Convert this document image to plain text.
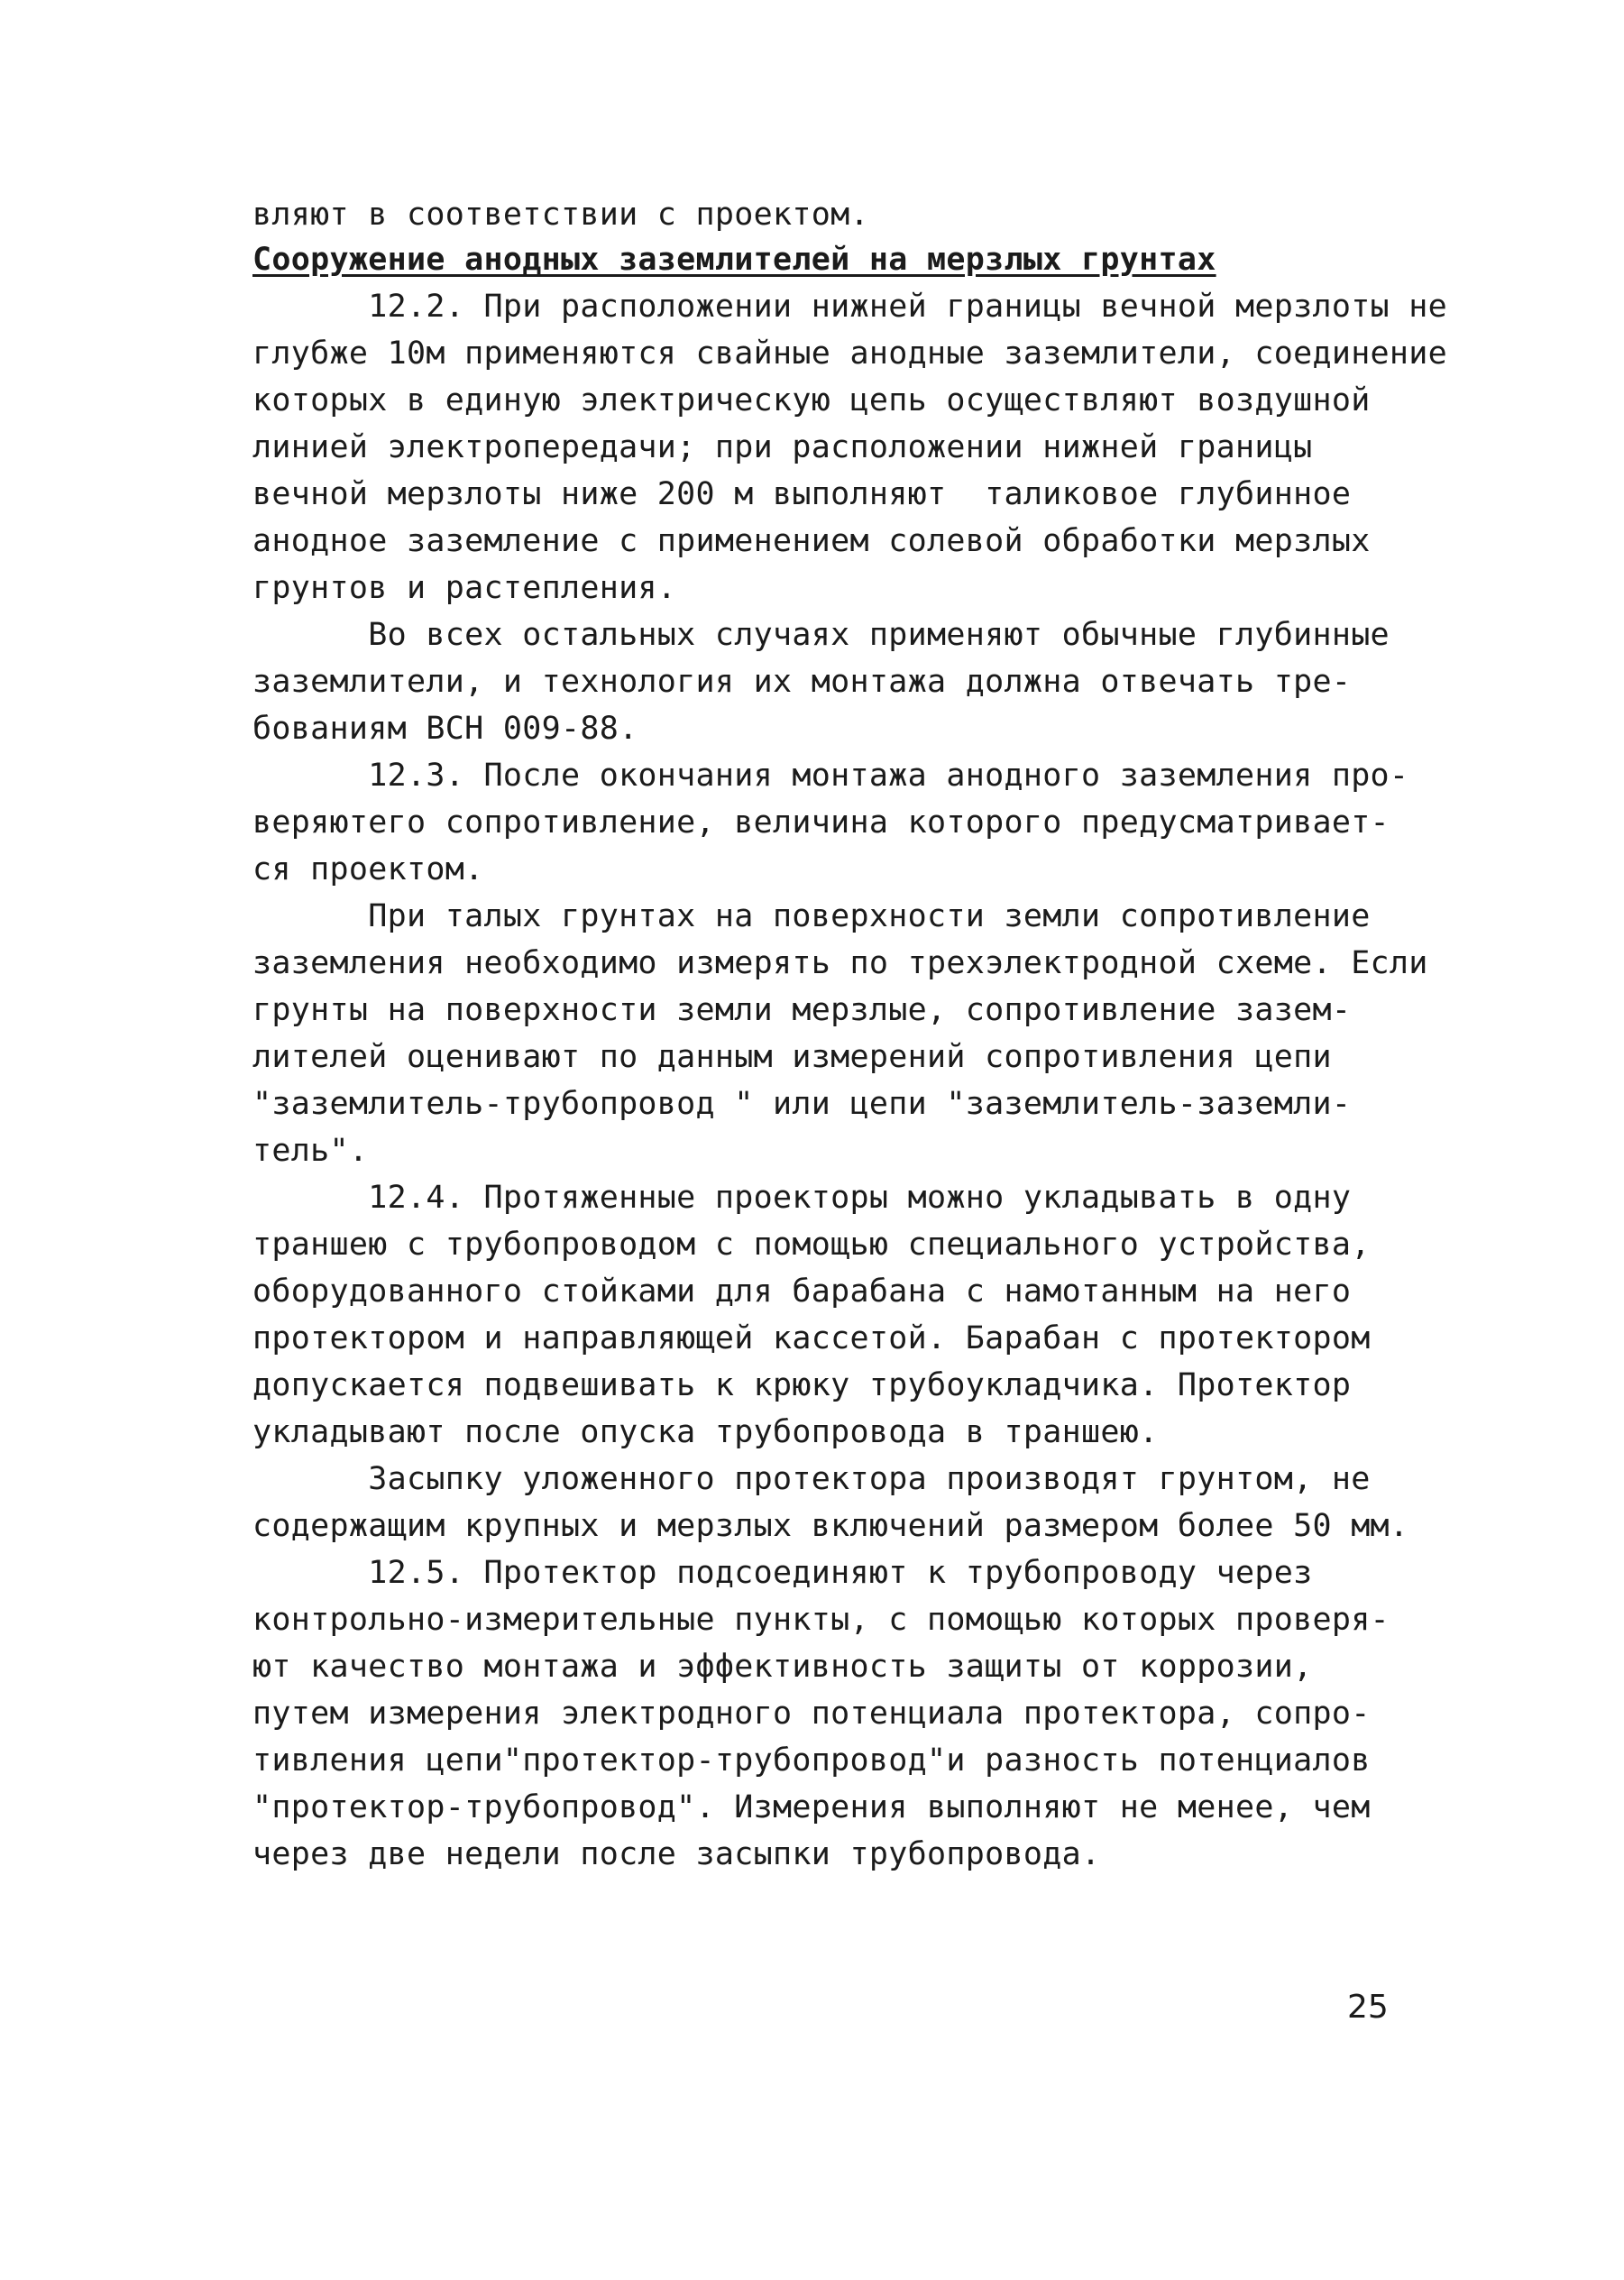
вляют в соответствии с проектом.
Сооружение анодных заземлителей на мерзлых грунтах
12.2. При расположении нижней границы вечной мерзлоты не
глубже 10м применяются свайные анодные заземлители, соединение
которых в единую электрическую цепь осуществляют воздушной
линией электропередачи; при расположении нижней границы
вечной мерзлоты ниже 200 м выполняют  таликовое глубинное
анодное заземление с применением солевой обработки мерзлых
грунтов и растепления.
Во всех остальных случаях применяют обычные глубинные
заземлители, и технология их монтажа должна отвечать тре-
бованиям ВСН 009-88.
12.3. После окончания монтажа анодного заземления про-
веряютего сопротивление, величина которого предусматривает-
ся проектом.
При талых грунтах на поверхности земли сопротивление
заземления необходимо измерять по трехэлектродной схеме. Если
грунты на поверхности земли мерзлые, сопротивление зазем-
лителей оценивают по данным измерений сопротивления цепи
"заземлитель-трубопровод " или цепи "заземлитель-заземли-
тель".
12.4. Протяженные проекторы можно укладывать в одну
траншею с трубопроводом с помощью специального устройства,
оборудованного стойками для барабана с намотанным на него
протектором и направляющей кассетой. Барабан с протектором
допускается подвешивать к крюку трубоукладчика. Протектор
укладывают после опуска трубопровода в траншею.
Засыпку уложенного протектора производят грунтом, не
содержащим крупных и мерзлых включений размером более 50 мм.
12.5. Протектор подсоединяют к трубопроводу через
контрольно-измерительные пункты, с помощью которых проверя-
ют качество монтажа и эффективность защиты от коррозии,
путем измерения электродного потенциала протектора, сопро-
тивления цепи"протектор-трубопровод"и разность потенциалов
"протектор-трубопровод". Измерения выполняют не менее, чем
через две недели после засыпки трубопровода.
25
